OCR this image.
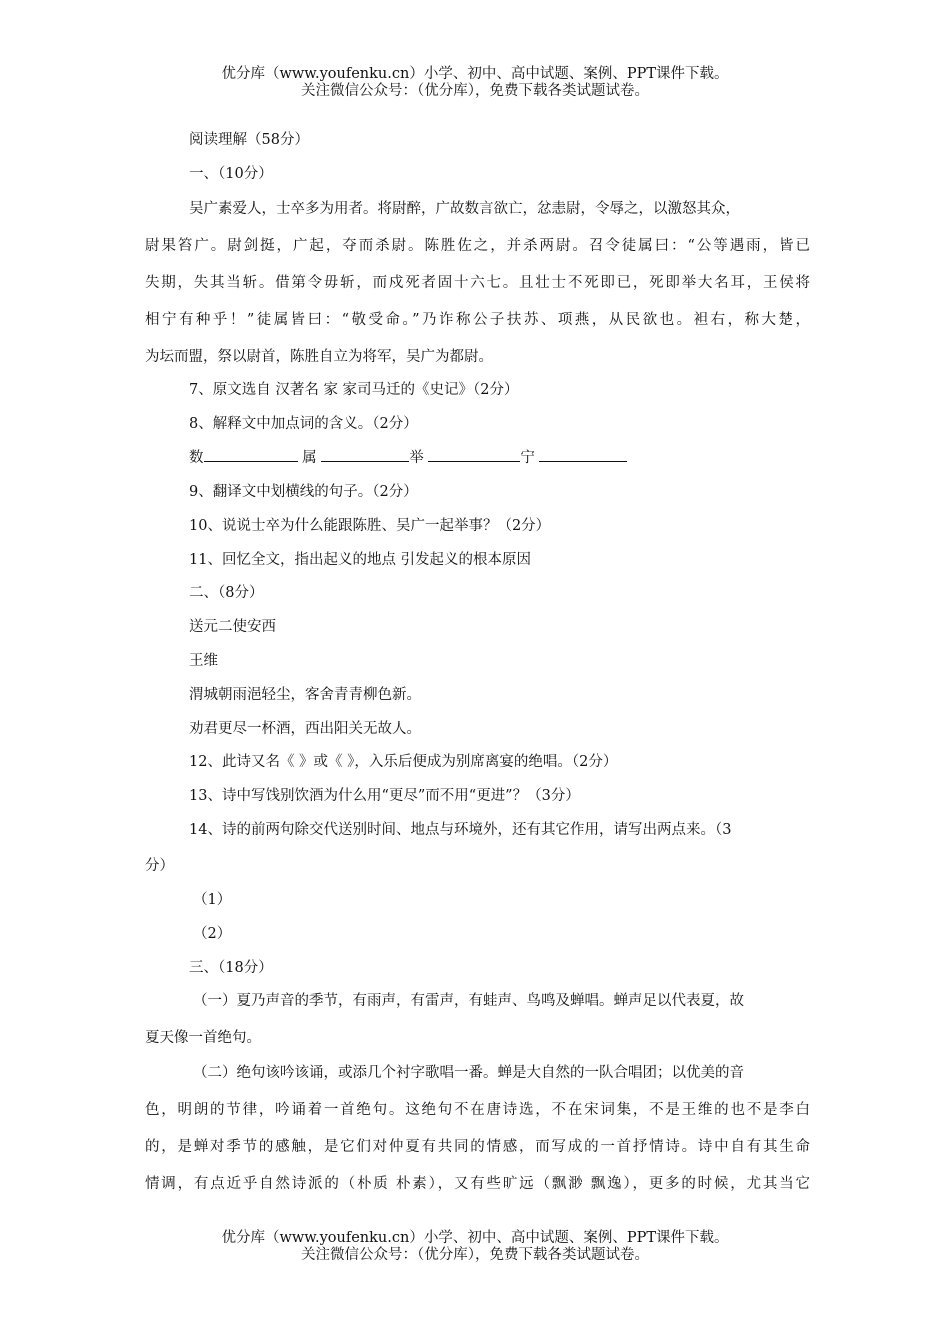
优分库（www.youfenku.cn）小学、初中、高中试题、案例、PPT课件下载。
关注微信公众号：（优分库），免费下载各类试题试卷。
阅读理解（58分）
一、（10分）
吴广素爱人，士卒多为用者。将尉醉，广故数言欲亡，忿恚尉，令辱之，以激怒其众，
尉果笞广。尉剑挺，广起，夺而杀尉。陈胜佐之，并杀两尉。召令徒属曰：“公等遇雨，皆已
失期，失其当斩。借第令毋斩，而戍死者固十六七。且壮士不死即已，死即举大名耳，王侯将
相宁有种乎！”徒属皆曰：“敬受命。”乃诈称公子扶苏、项燕，从民欲也。袒右，称大楚，
为坛而盟，祭以尉首，陈胜自立为将军，吴广为都尉。
7、原文选自 汉著名 家 家司马迁的《史记》（2分）
8、解释文中加点词的含义。（2分）
数	属	举	宁
9、翻译文中划横线的句子。（2分）
10、说说士卒为什么能跟陈胜、吴广一起举事？（2分）
11、回忆全文，指出起义的地点 引发起义的根本原因
二、（8分）
送元二使安西
王维
渭城朝雨浥轻尘，客舍青青柳色新。
劝君更尽一杯酒，西出阳关无故人。
12、此诗又名《 》或《 》，入乐后便成为别席离宴的绝唱。（2分）
13、诗中写饯别饮酒为什么用“更尽”而不用“更进”？（3分）
14、诗的前两句除交代送别时间、地点与环境外，还有其它作用，请写出两点来。（3
分）
（1）
（2）
三、（18分）
（一）夏乃声音的季节，有雨声，有雷声，有蛙声、鸟鸣及蝉唱。蝉声足以代表夏，故
夏天像一首绝句。
（二）绝句该吟该诵，或添几个衬字歌唱一番。蝉是大自然的一队合唱团；以优美的音
色，明朗的节律，吟诵着一首绝句。这绝句不在唐诗选，不在宋词集，不是王维的也不是李白
的，是蝉对季节的感触，是它们对仲夏有共同的情感，而写成的一首抒情诗。诗中自有其生命
情调，有点近乎自然诗派的（朴质 朴素），又有些旷远（飘渺 飘逸），更多的时候，尤其当它
优分库（www.youfenku.cn）小学、初中、高中试题、案例、PPT课件下载。
关注微信公众号：（优分库），免费下载各类试题试卷。
